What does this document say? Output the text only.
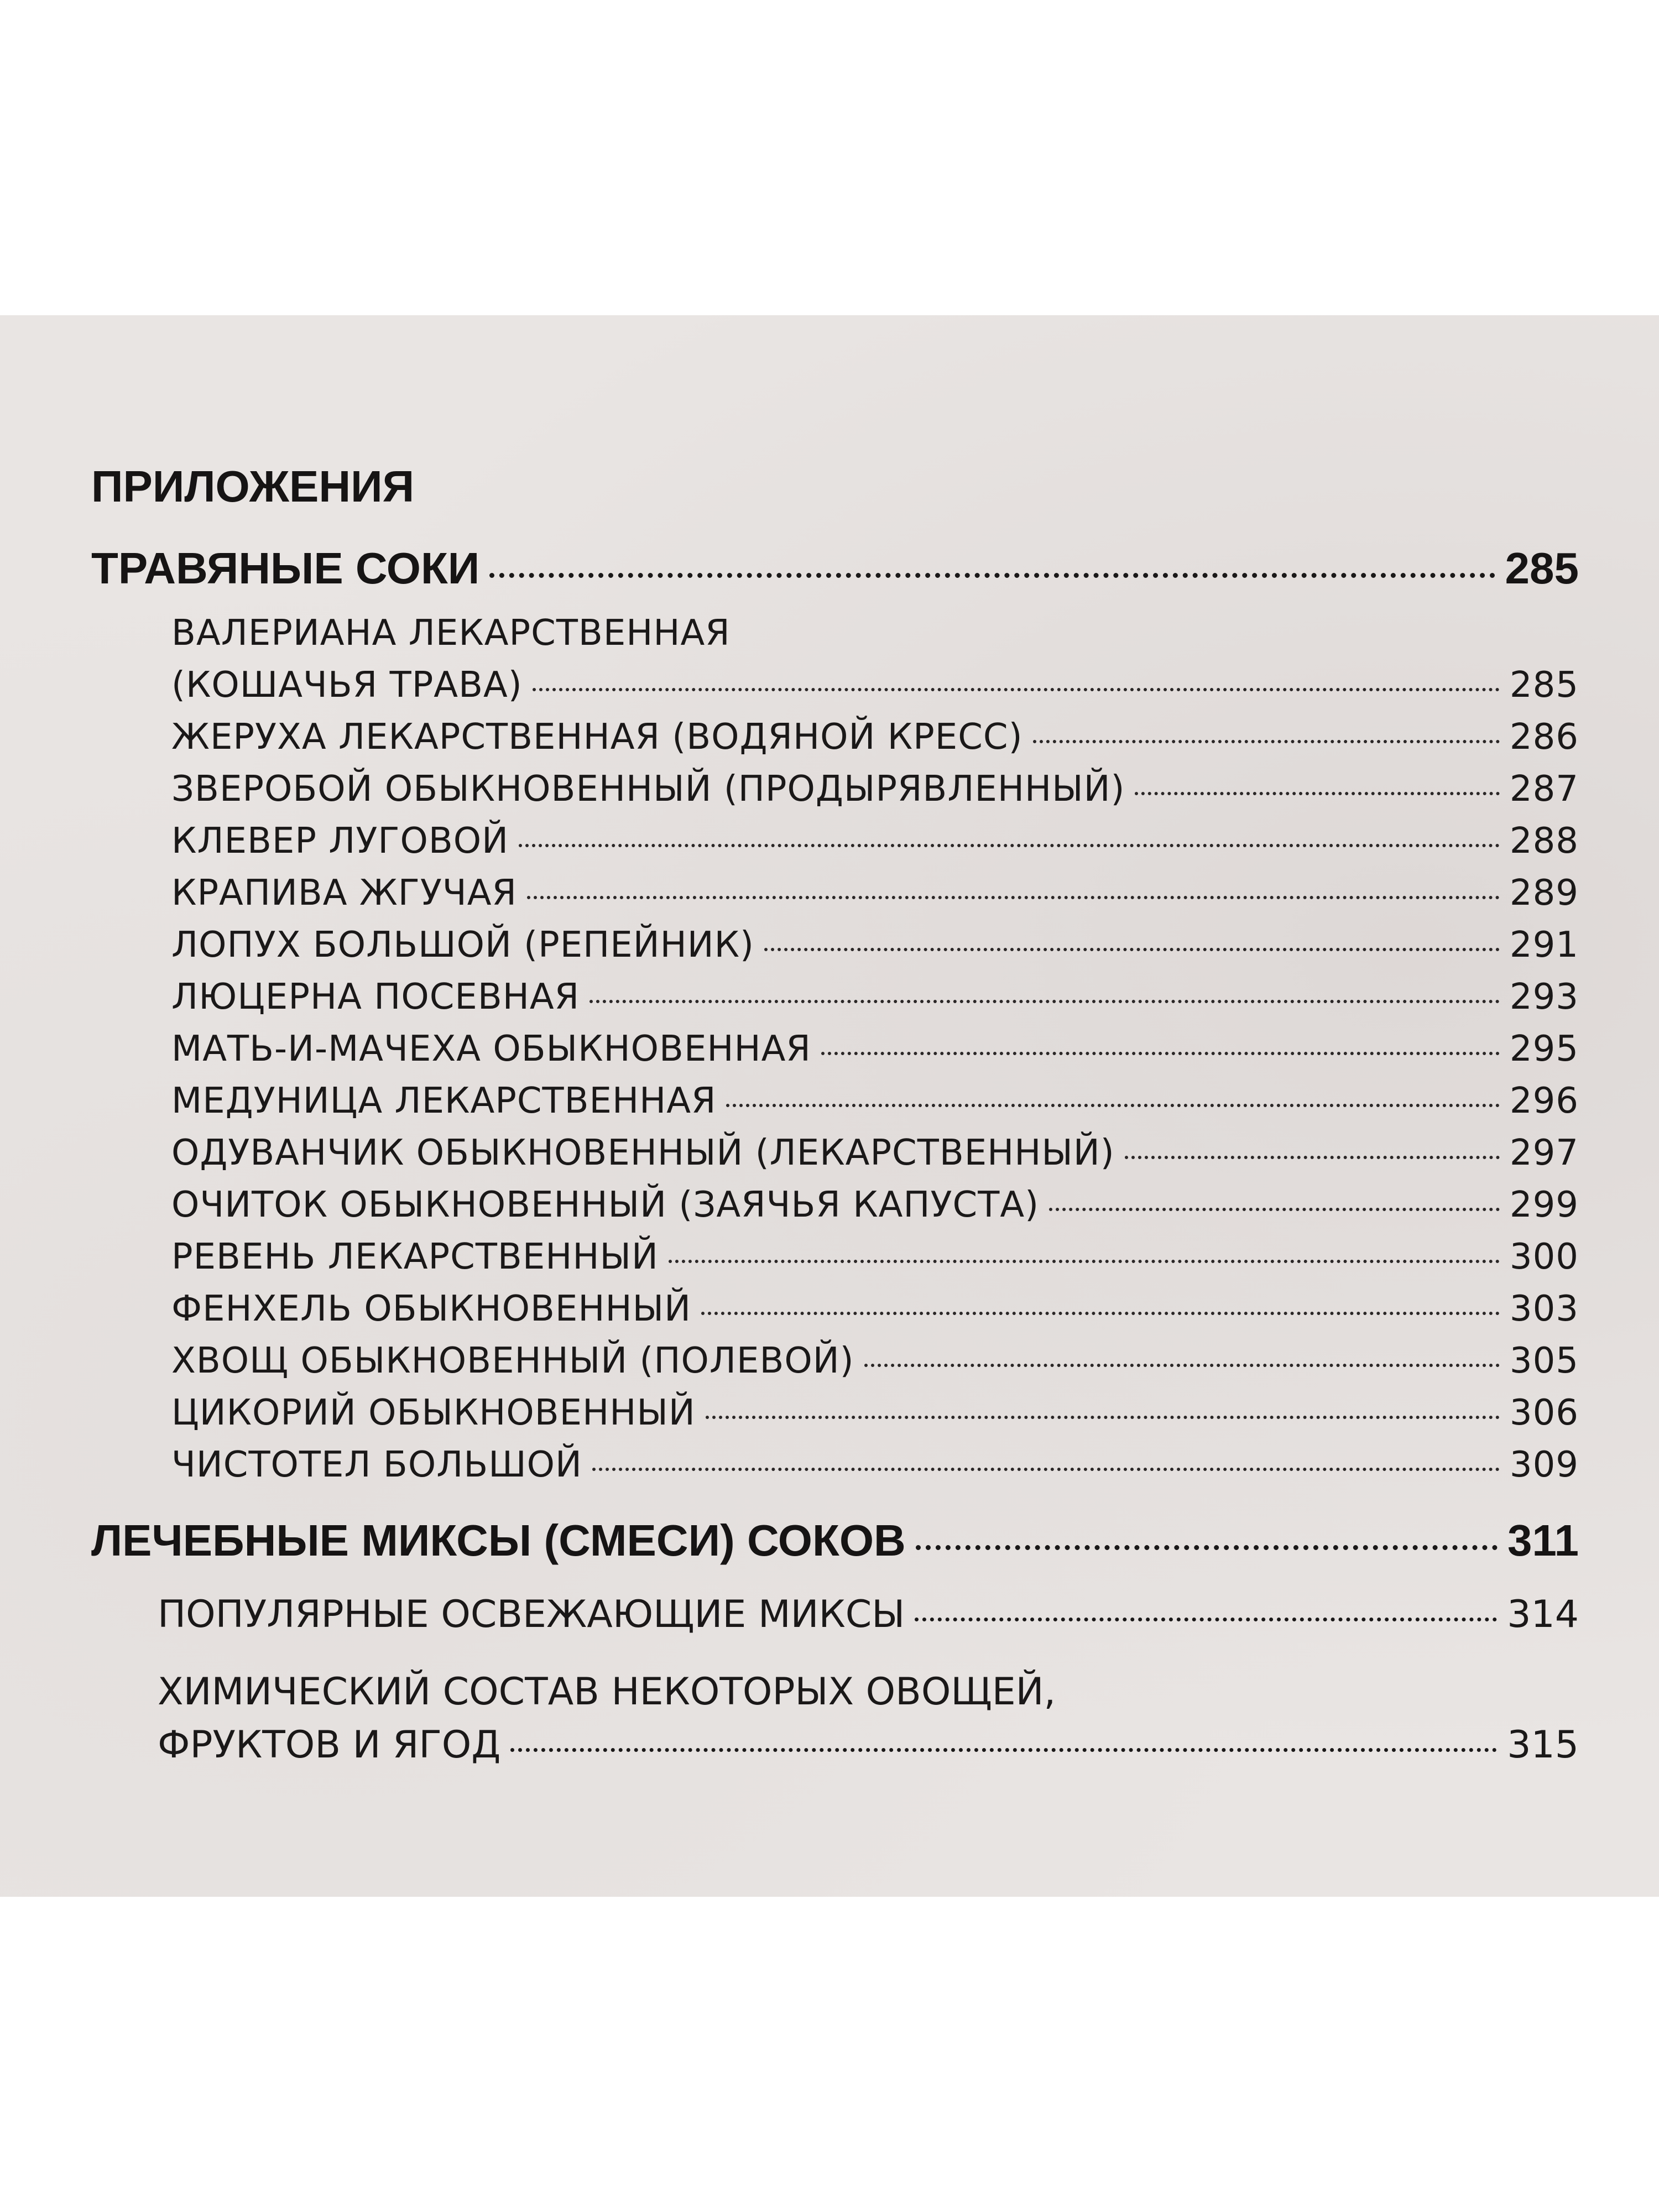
ПРИЛОЖЕНИЯ
ТРАВЯНЫЕ СОКИ	285
ВАЛЕРИАНА ЛЕКАРСТВЕННАЯ
(КОШАЧЬЯ ТРАВА)	285
ЖЕРУХА ЛЕКАРСТВЕННАЯ (ВОДЯНОЙ КРЕСС)	286
ЗВЕРОБОЙ ОБЫКНОВЕННЫЙ (ПРОДЫРЯВЛЕННЫЙ)	287
КЛЕВЕР ЛУГОВОЙ	288
КРАПИВА ЖГУЧАЯ	289
ЛОПУХ БОЛЬШОЙ (РЕПЕЙНИК)	291
ЛЮЦЕРНА ПОСЕВНАЯ	293
МАТЬ-И-МАЧЕХА ОБЫКНОВЕННАЯ	295
МЕДУНИЦА ЛЕКАРСТВЕННАЯ	296
ОДУВАНЧИК ОБЫКНОВЕННЫЙ (ЛЕКАРСТВЕННЫЙ)	297
ОЧИТОК ОБЫКНОВЕННЫЙ (ЗАЯЧЬЯ КАПУСТА)	299
РЕВЕНЬ ЛЕКАРСТВЕННЫЙ	300
ФЕНХЕЛЬ ОБЫКНОВЕННЫЙ	303
ХВОЩ ОБЫКНОВЕННЫЙ (ПОЛЕВОЙ)	305
ЦИКОРИЙ ОБЫКНОВЕННЫЙ	306
ЧИСТОТЕЛ БОЛЬШОЙ	309
ЛЕЧЕБНЫЕ МИКСЫ (СМЕСИ) СОКОВ	311
ПОПУЛЯРНЫЕ ОСВЕЖАЮЩИЕ МИКСЫ	314
ХИМИЧЕСКИЙ СОСТАВ НЕКОТОРЫХ ОВОЩЕЙ,
ФРУКТОВ И ЯГОД	315
